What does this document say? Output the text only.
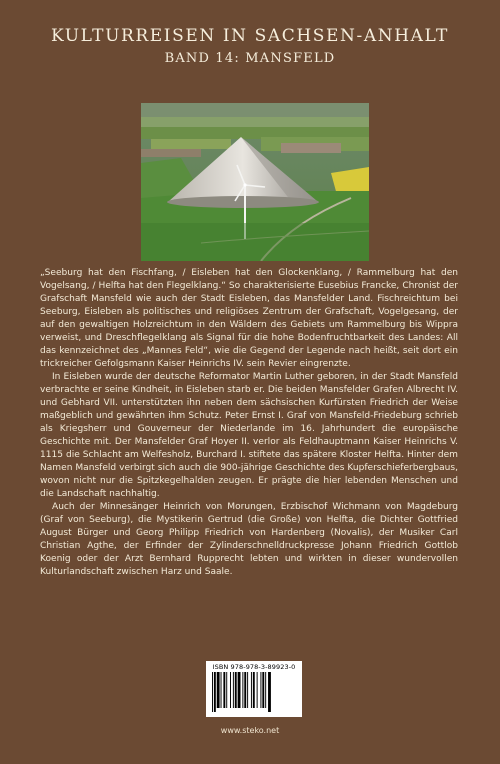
KULTURREISEN IN SACHSEN-ANHALT
BAND 14: MANSFELD

„Seeburg hat den Fischfang, / Eisleben hat den Glockenklang, / Rammelburg hat den Vogelsang, / Helfta hat den Flegelklang.“ So charakterisierte Eusebius Francke, Chronist der Grafschaft Mansfeld wie auch der Stadt Eisleben, das Mansfelder Land. Fischreichtum bei Seeburg, Eisleben als politisches und religiöses Zentrum der Grafschaft, Vogelgesang, der auf den gewaltigen Holzreichtum in den Wäldern des Gebiets um Rammelburg bis Wippra verweist, und Dreschflegelklang als Signal für die hohe Bodenfruchtbarkeit des Landes: All das kennzeichnet des „Mannes Feld“, wie die Gegend der Legende nach heißt, seit dort ein trickreicher Gefolgsmann Kaiser Heinrichs IV. sein Revier eingrenzte.

In Eisleben wurde der deutsche Reformator Martin Luther geboren, in der Stadt Mansfeld verbrachte er seine Kindheit, in Eisleben starb er. Die beiden Mansfelder Grafen Albrecht IV. und Gebhard VII. unterstützten ihn neben dem sächsischen Kurfürsten Friedrich der Weise maßgeblich und gewährten ihm Schutz. Peter Ernst I. Graf von Mansfeld-Friedeburg schrieb als Kriegsherr und Gouverneur der Niederlande im 16. Jahrhundert die europäische Geschichte mit. Der Mansfelder Graf Hoyer II. verlor als Feldhauptmann Kaiser Heinrichs V. 1115 die Schlacht am Welfesholz, Burchard I. stiftete das spätere Kloster Helfta. Hinter dem Namen Mansfeld verbirgt sich auch die 900-jährige Geschichte des Kupferschieferbergbaus, wovon nicht nur die Spitzkegelhalden zeugen. Er prägte die hier lebenden Menschen und die Landschaft nachhaltig.

Auch der Minnesänger Heinrich von Morungen, Erzbischof Wichmann von Magdeburg (Graf von Seeburg), die Mystikerin Gertrud (die Große) von Helfta, die Dichter Gottfried August Bürger und Georg Philipp Friedrich von Hardenberg (Novalis), der Musiker Carl Christian Agthe, der Erfinder der Zylinderschnelldruckpresse Johann Friedrich Gottlob Koenig oder der Arzt Bernhard Rupprecht lebten und wirkten in dieser wundervollen Kulturlandschaft zwischen Harz und Saale.

ISBN 978-978-3-89923-0
www.steko.net
